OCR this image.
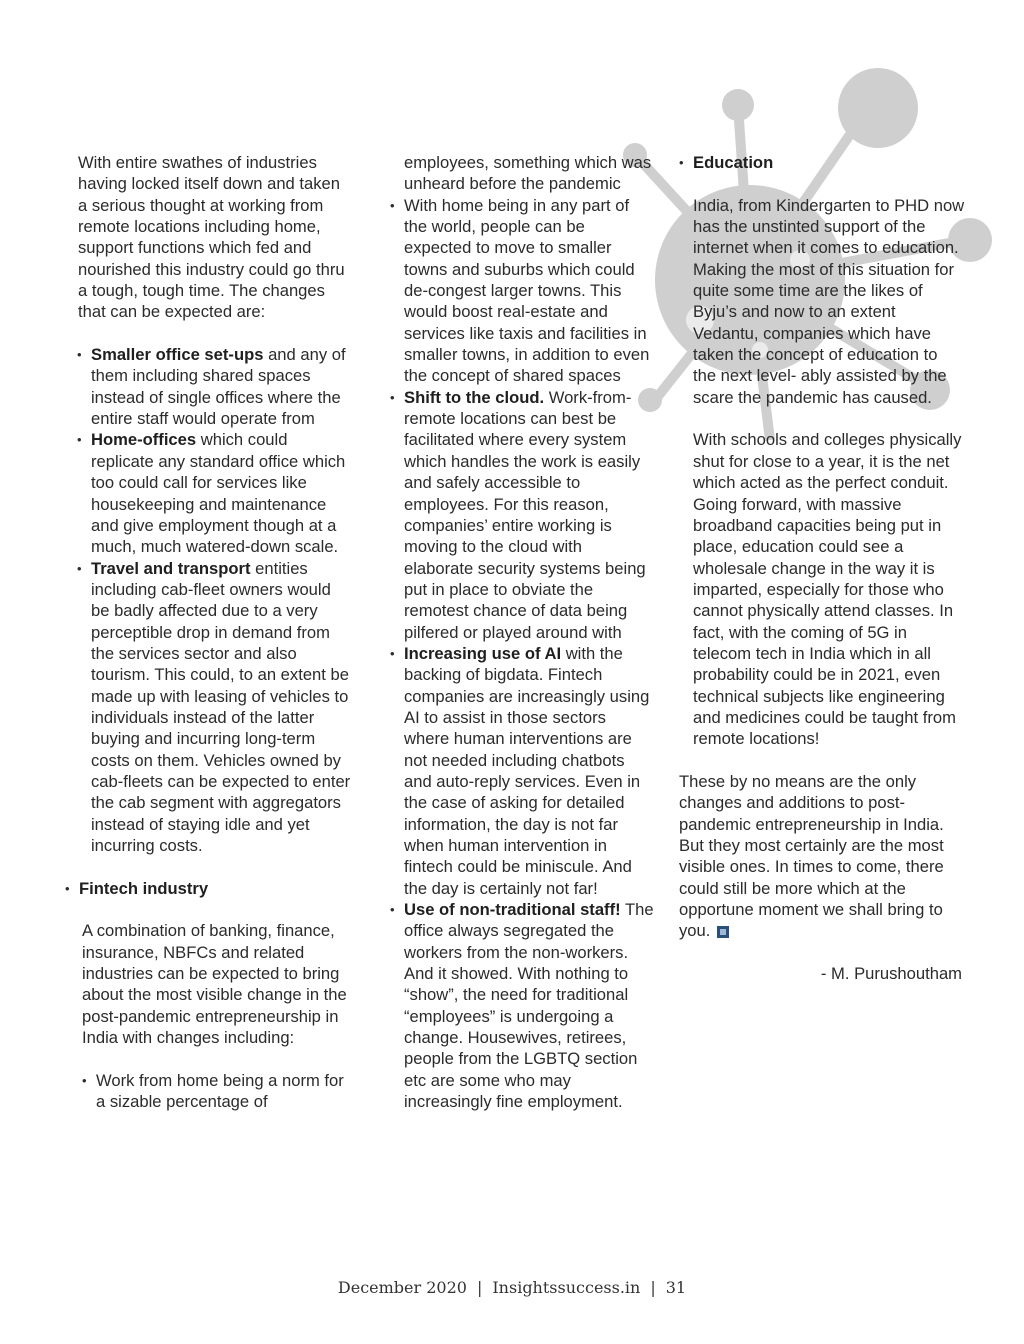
With entire swathes of industries having locked itself down and taken a serious thought at working from remote locations including home, support functions which fed and nourished this industry could go thru a tough, tough time. The changes that can be expected are:

• Smaller office set-ups and any of them including shared spaces instead of single offices where the entire staff would operate from
• Home-offices which could replicate any standard office which too could call for services like housekeeping and maintenance and give employment though at a much, much watered-down scale.
• Travel and transport entities including cab-fleet owners would be badly affected due to a very perceptible drop in demand from the services sector and also tourism. This could, to an extent be made up with leasing of vehicles to individuals instead of the latter buying and incurring long-term costs on them. Vehicles owned by cab-fleets can be expected to enter the cab segment with aggregators instead of staying idle and yet incurring costs.
• Fintech industry

A combination of banking, finance, insurance, NBFCs and related industries can be expected to bring about the most visible change in the post-pandemic entrepreneurship in India with changes including:

• Work from home being a norm for a sizable percentage of

employees, something which was unheard before the pandemic

• With home being in any part of the world, people can be expected to move to smaller towns and suburbs which could de-congest larger towns. This would boost real-estate and services like taxis and facilities in smaller towns, in addition to even the concept of shared spaces
• Shift to the cloud. Work-from-remote locations can best be facilitated where every system which handles the work is easily and safely accessible to employees. For this reason, companies’ entire working is moving to the cloud with elaborate security systems being put in place to obviate the remotest chance of data being pilfered or played around with
• Increasing use of AI with the backing of bigdata. Fintech companies are increasingly using AI to assist in those sectors where human interventions are not needed including chatbots and auto-reply services. Even in the case of asking for detailed information, the day is not far when human intervention in fintech could be miniscule. And the day is certainly not far!
• Use of non-traditional staff! The office always segregated the workers from the non-workers. And it showed. With nothing to “show”, the need for traditional “employees” is undergoing a change. Housewives, retirees, people from the LGBTQ section etc are some who may increasingly fine employment.
• Education

India, from Kindergarten to PHD now has the unstinted support of the internet when it comes to education. Making the most of this situation for quite some time are the likes of Byju’s and now to an extent Vedantu, companies which have taken the concept of education to the next level- ably assisted by the scare the pandemic has caused.

With schools and colleges physically shut for close to a year, it is the net which acted as the perfect conduit. Going forward, with massive broadband capacities being put in place, education could see a wholesale change in the way it is imparted, especially for those who cannot physically attend classes. In fact, with the coming of 5G in telecom tech in India which in all probability could be in 2021, even technical subjects like engineering and medicines could be taught from remote locations!

These by no means are the only changes and additions to post-pandemic entrepreneurship in India. But they most certainly are the most visible ones. In times to come, there could still be more which at the opportune moment we shall bring to you.

- M. Purushoutham

December 2020 | Insightssuccess.in | 31
